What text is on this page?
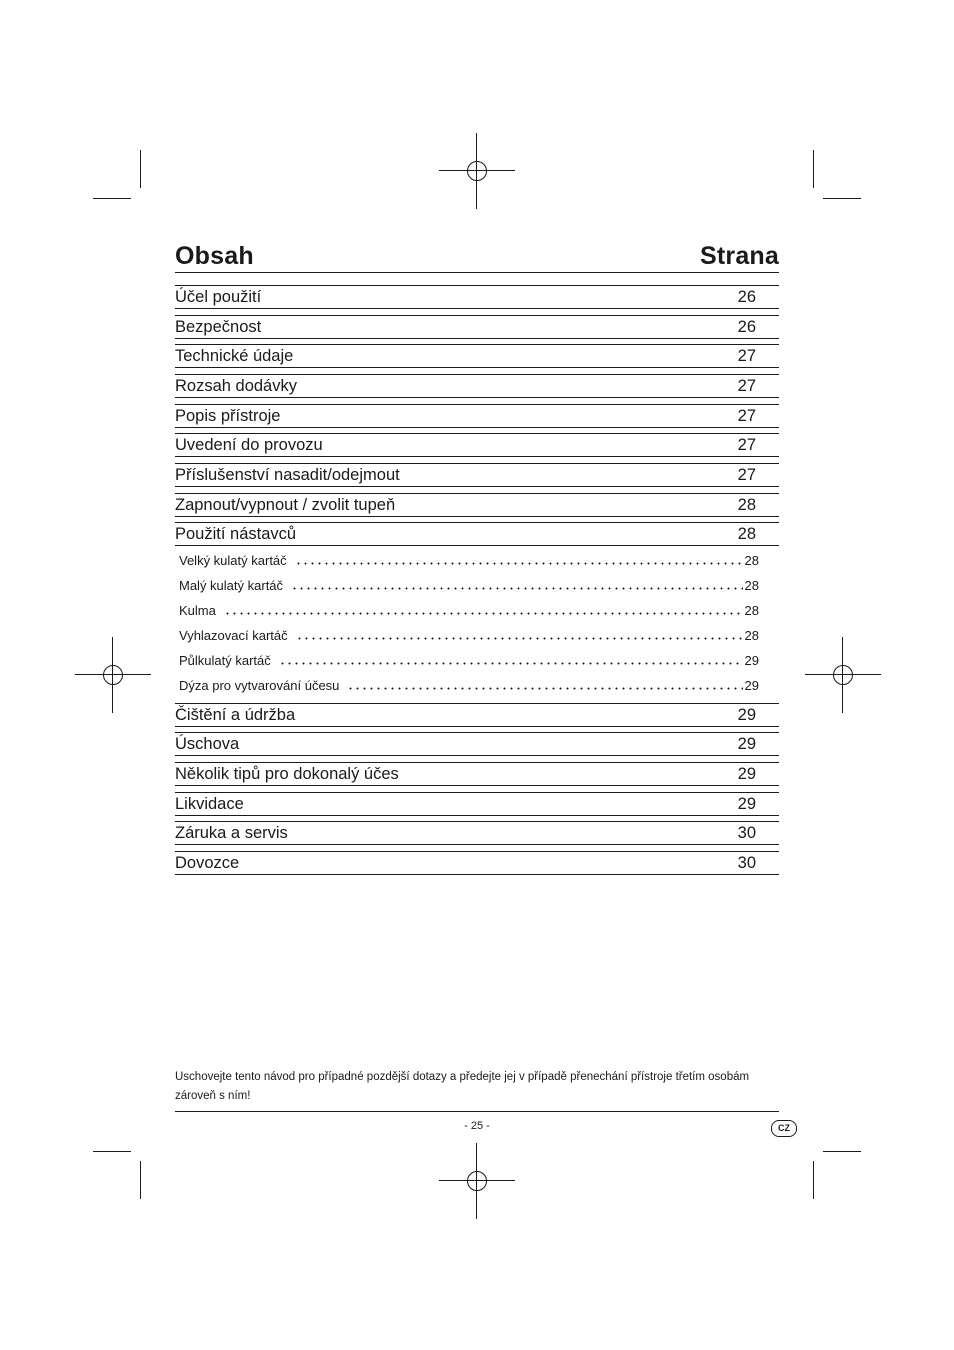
Obsah	Strana
Účel použití	26
Bezpečnost	26
Technické údaje	27
Rozsah dodávky	27
Popis přístroje	27
Uvedení do provozu	27
Příslušenství nasadit/odejmout	27
Zapnout/vypnout / zvolit tupeň	28
Použití nástavců	28
Velký kulatý kartáč	28
Malý kulatý kartáč	28
Kulma	28
Vyhlazovací kartáč	28
Půlkulatý kartáč	29
Dýza pro vytvarování účesu	29
Čištění a údržba	29
Úschova	29
Několik tipů pro dokonalý účes	29
Likvidace	29
Záruka a servis	30
Dovozce	30
Uschovejte tento návod pro případné pozdější dotazy a předejte jej v případě přenechání přístroje třetím osobám zároveň s ním!
- 25 -	CZ
